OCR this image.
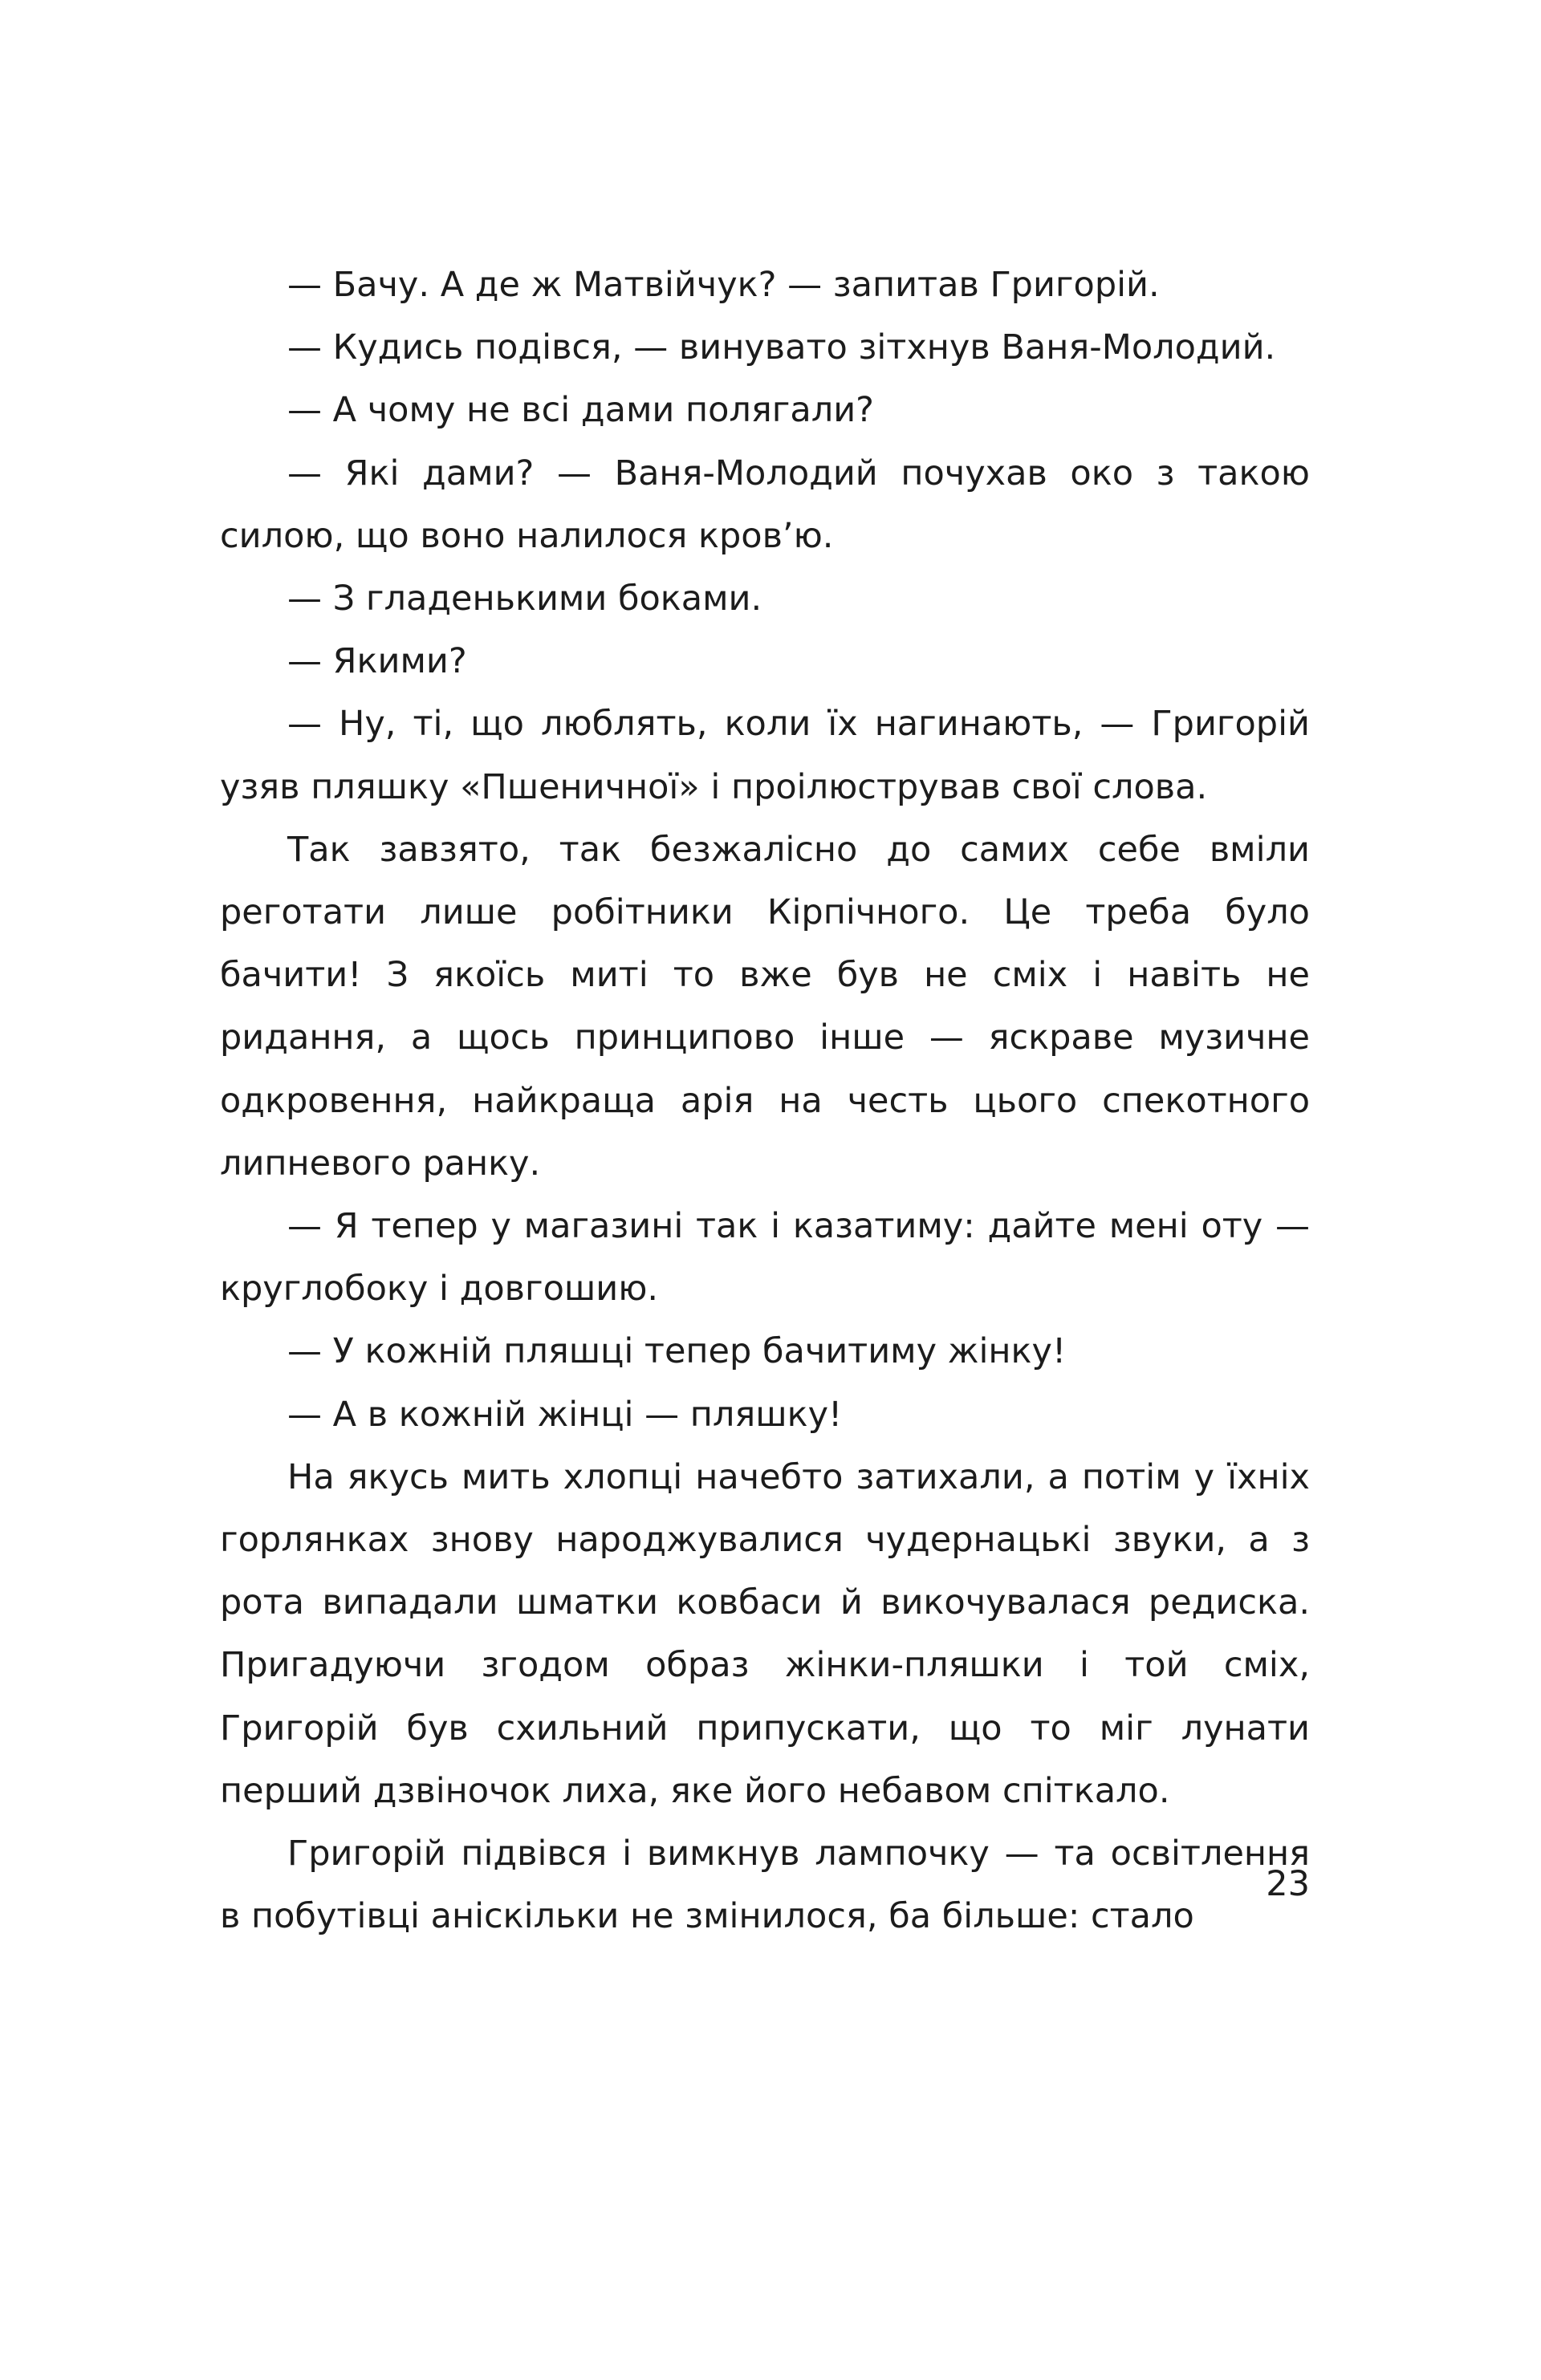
— Бачу. А де ж Матвійчук? — запитав Григорій.

— Кудись подівся, — винувато зітхнув Ваня-Молодий.

— А чому не всі дами полягали?

— Які дами? — Ваня-Молодий почухав око з такою силою, що воно налилося кров’ю.

— З гладенькими боками.

— Якими?

— Ну, ті, що люблять, коли їх нагинають, — Григорій узяв пляшку «Пшеничної» і проілюстрував свої слова.

Так завзято, так безжалісно до самих себе вміли реготати лише робітники Кірпічного. Це треба було бачити! З якоїсь миті то вже був не сміх і навіть не ридання, а щось принципово інше — яскраве музичне одкровення, найкраща арія на честь цього спекотного липневого ранку.

— Я тепер у магазині так і казатиму: дайте мені оту — круглобоку і довгошию.

— У кожній пляшці тепер бачитиму жінку!

— А в кожній жінці — пляшку!

На якусь мить хлопці начебто затихали, а потім у їхніх горлянках знову народжувалися чудернацькі звуки, а з рота випадали шматки ковбаси й викочувалася редиска. Пригадуючи згодом образ жінки-пляшки і той сміх, Григорій був схильний припускати, що то міг лунати перший дзвіночок лиха, яке його небавом спіткало.

Григорій підвівся і вимкнув лампочку — та освітлення в побутівці аніскільки не змінилося, ба більше: стало

23
